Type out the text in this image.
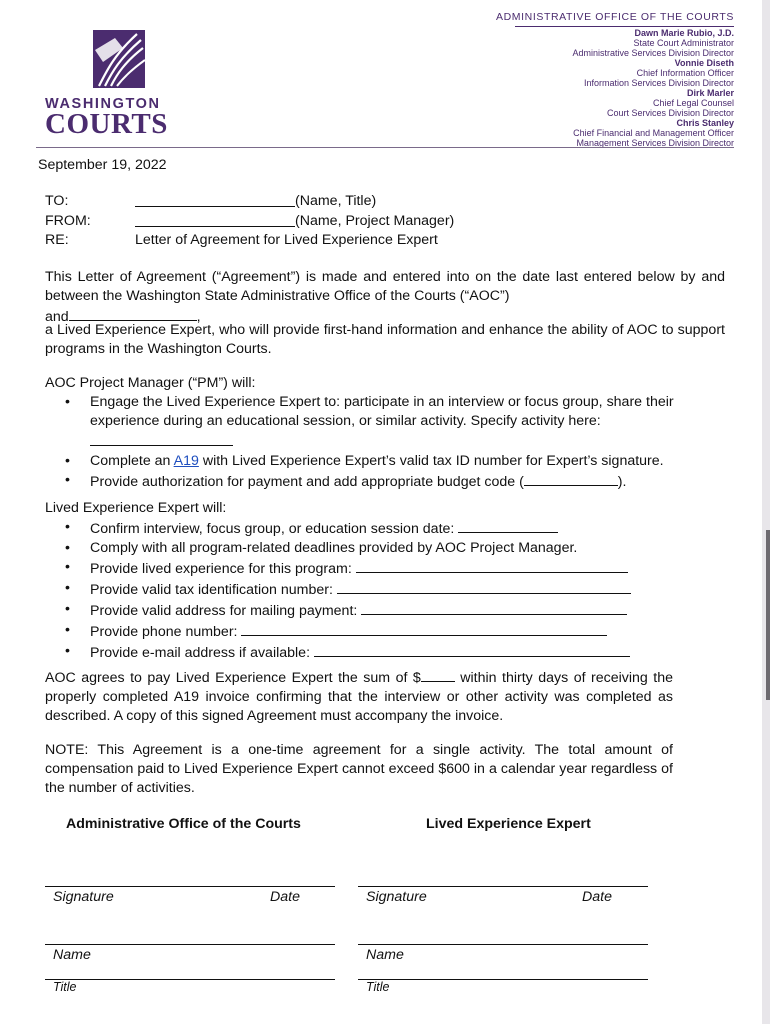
WASHINGTON
COURTS
ADMINISTRATIVE OFFICE OF THE COURTS
Dawn Marie Rubio, J.D.
State Court Administrator
Administrative Services Division Director
Vonnie Diseth
Chief Information Officer
Information Services Division Director
Dirk Marler
Chief Legal Counsel
Court Services Division Director
Chris Stanley
Chief Financial and Management Officer
Management Services Division Director
September 19, 2022
TO:	(Name, Title)
FROM:	(Name, Project Manager)
RE:	Letter of Agreement for Lived Experience Expert
This Letter of Agreement (“Agreement”) is made and entered into on the date last entered below by and between the Washington State Administrative Office of the Courts (“AOC”)
and	,
a Lived Experience Expert, who will provide first-hand information and enhance the ability of AOC to support programs in the Washington Courts.
AOC Project Manager (“PM”) will:
• Engage the Lived Experience Expert to: participate in an interview or focus group, share their experience during an educational session, or similar activity. Specify activity here:
• Complete an A19 with Lived Experience Expert’s valid tax ID number for Expert’s signature.
• Provide authorization for payment and add appropriate budget code (	).
Lived Experience Expert will:
• Confirm interview, focus group, or education session date:
• Comply with all program-related deadlines provided by AOC Project Manager.
• Provide lived experience for this program:
• Provide valid tax identification number:
• Provide valid address for mailing payment:
• Provide phone number:
• Provide e-mail address if available:
AOC agrees to pay Lived Experience Expert the sum of $	within thirty days of receiving the properly completed A19 invoice confirming that the interview or other activity was completed as described. A copy of this signed Agreement must accompany the invoice.
NOTE: This Agreement is a one-time agreement for a single activity. The total amount of compensation paid to Lived Experience Expert cannot exceed $600 in a calendar year regardless of the number of activities.
Administrative Office of the Courts	Lived Experience Expert
Signature	Date	Signature	Date
Name	Name
Title	Title
